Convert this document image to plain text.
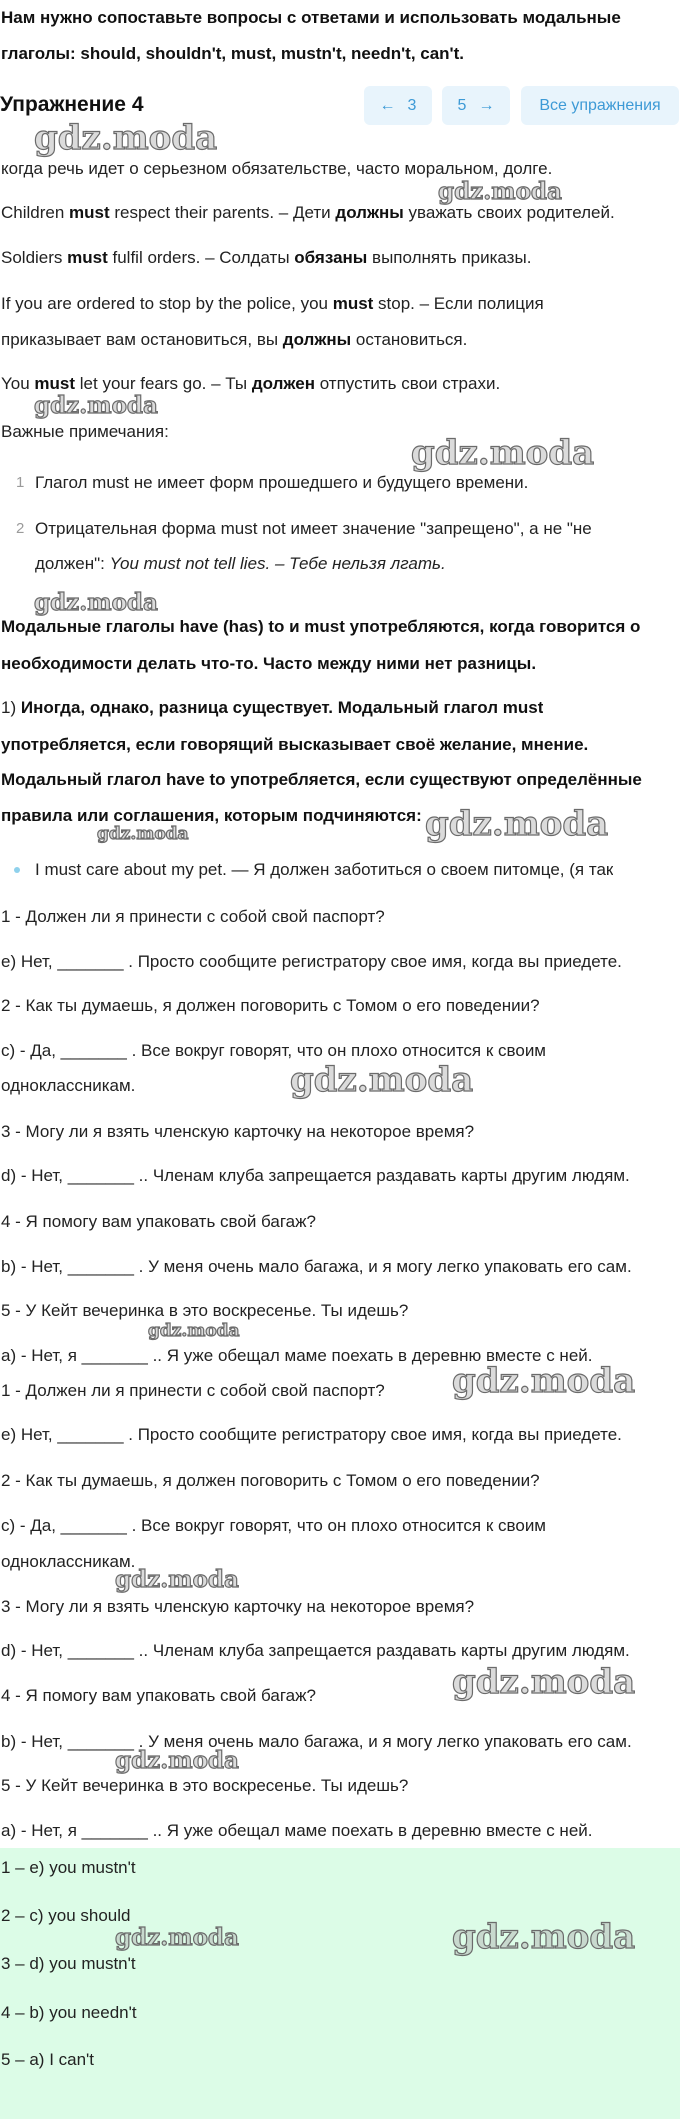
Нам нужно сопоставьте вопросы с ответами и использовать модальные
глаголы: should, shouldn't, must, mustn't, needn't, can't.
Упражнение 4	← 3	5 →	Все упражнения
когда речь идет о серьезном обязательстве, часто моральном, долге.
Children must respect their parents. – Дети должны уважать своих родителей.
Soldiers must fulfil orders. – Солдаты обязаны выполнять приказы.
If you are ordered to stop by the police, you must stop. – Если полиция
приказывает вам остановиться, вы должны остановиться.
You must let your fears go. – Ты должен отпустить свои страхи.
Важные примечания:
1 Глагол must не имеет форм прошедшего и будущего времени.
2 Отрицательная форма must not имеет значение "запрещено", а не "не
должен": You must not tell lies. – Тебе нельзя лгать.
Модальные глаголы have (has) to и must употребляются, когда говорится о
необходимости делать что-то. Часто между ними нет разницы.
1) Иногда, однако, разница существует. Модальный глагол must
употребляется, если говорящий высказывает своё желание, мнение.
Модальный глагол have to употребляется, если существуют определённые
правила или соглашения, которым подчиняются:
I must care about my pet. — Я должен заботиться о своем питомце, (я так
1 - Должен ли я принести с собой свой паспорт?
e) Нет, _______ . Просто сообщите регистратору свое имя, когда вы приедете.
2 - Как ты думаешь, я должен поговорить с Томом о его поведении?
c) - Да, _______ . Все вокруг говорят, что он плохо относится к своим
одноклассникам.
3 - Могу ли я взять членскую карточку на некоторое время?
d) - Нет, _______ .. Членам клуба запрещается раздавать карты другим людям.
4 - Я помогу вам упаковать свой багаж?
b) - Нет, _______ . У меня очень мало багажа, и я могу легко упаковать его сам.
5 - У Кейт вечеринка в это воскресенье. Ты идешь?
a) - Нет, я _______ .. Я уже обещал маме поехать в деревню вместе с ней.
1 - Должен ли я принести с собой свой паспорт?
e) Нет, _______ . Просто сообщите регистратору свое имя, когда вы приедете.
2 - Как ты думаешь, я должен поговорить с Томом о его поведении?
c) - Да, _______ . Все вокруг говорят, что он плохо относится к своим
одноклассникам.
3 - Могу ли я взять членскую карточку на некоторое время?
d) - Нет, _______ .. Членам клуба запрещается раздавать карты другим людям.
4 - Я помогу вам упаковать свой багаж?
b) - Нет, _______ . У меня очень мало багажа, и я могу легко упаковать его сам.
5 - У Кейт вечеринка в это воскресенье. Ты идешь?
a) - Нет, я _______ .. Я уже обещал маме поехать в деревню вместе с ней.
1 – e) you mustn't
2 – c) you should
3 – d) you mustn't
4 – b) you needn't
5 – a) I can't
gdz.moda
gdz.moda
gdz.moda
gdz.moda
gdz.moda
gdz.moda
gdz.moda
gdz.moda
gdz.moda
gdz.moda
gdz.moda
gdz.moda
gdz.moda
gdz.moda	gdz.moda
